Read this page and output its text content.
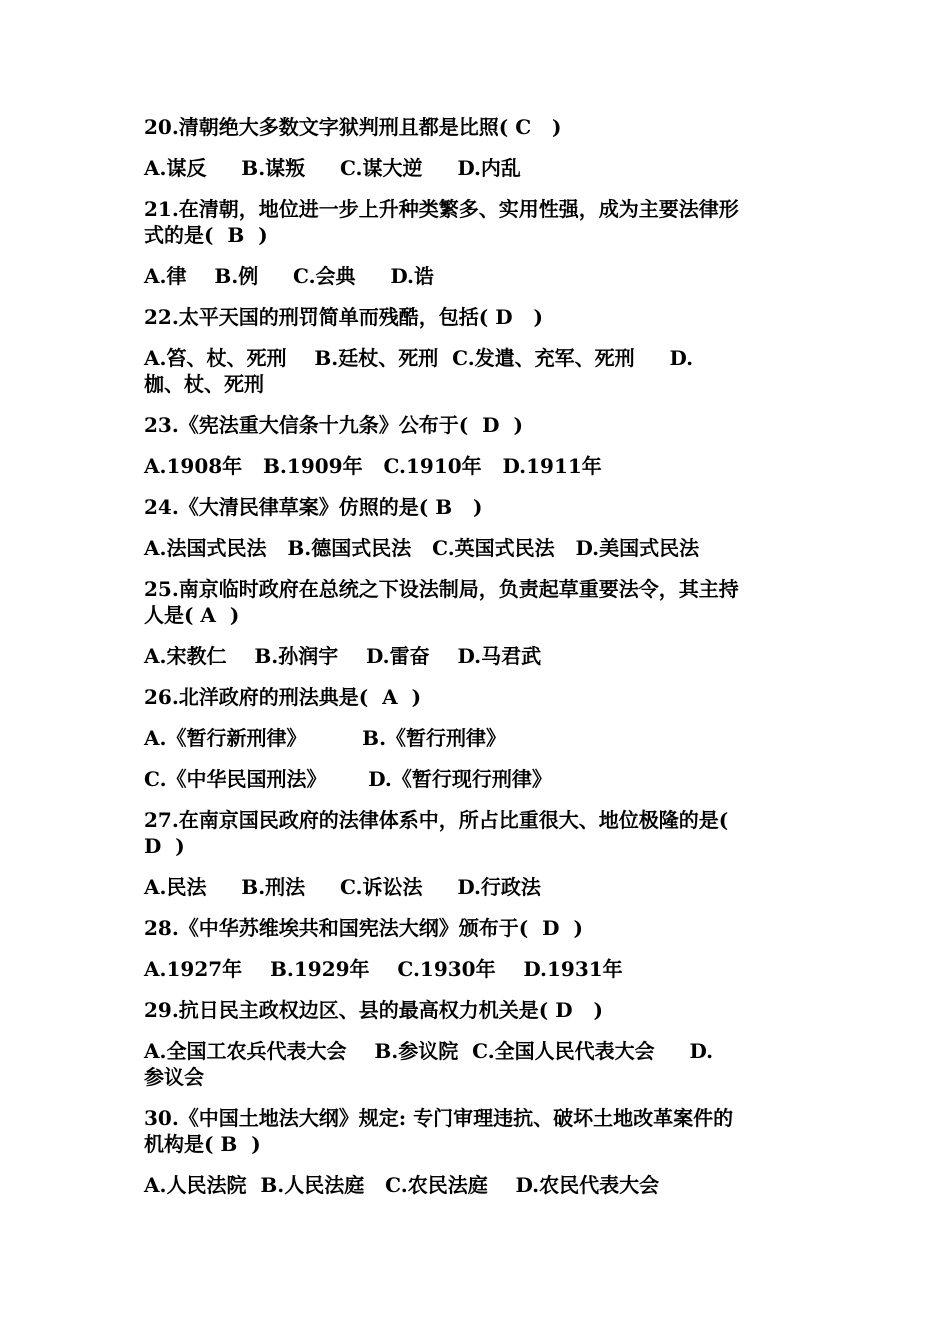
20.清朝绝大多数文字狱判刑且都是比照( C   )

A.谋反     B.谋叛     C.谋大逆     D.内乱

21.在清朝，地位进一步上升种类繁多、实用性强，成为主要法律形

式的是(  B  )

A.律    B.例     C.会典     D.诰

22.太平天国的刑罚简单而残酷，包括( D   )

A.笞、杖、死刑    B.廷杖、死刑  C.发遣、充军、死刑     D.

枷、杖、死刑

23.《宪法重大信条十九条》公布于(  D  )

A.1908年   B.1909年   C.1910年   D.1911年

24.《大清民律草案》仿照的是( B   )

A.法国式民法   B.德国式民法   C.英国式民法   D.美国式民法

25.南京临时政府在总统之下设法制局，负责起草重要法令，其主持

人是( A  )

A.宋教仁    B.孙润宇    D.雷奋    D.马君武

26.北洋政府的刑法典是(  A  )

A.《暂行新刑律》        B.《暂行刑律》

C.《中华民国刑法》      D.《暂行现行刑律》

27.在南京国民政府的法律体系中，所占比重很大、地位极隆的是(

D  )

A.民法     B.刑法     C.诉讼法     D.行政法

28.《中华苏维埃共和国宪法大纲》颁布于(  D  )

A.1927年    B.1929年    C.1930年    D.1931年

29.抗日民主政权边区、县的最高权力机关是( D   )

A.全国工农兵代表大会    B.参议院  C.全国人民代表大会     D.

参议会

30.《中国土地法大纲》规定: 专门审理违抗、破坏土地改革案件的

机构是( B  )

A.人民法院  B.人民法庭   C.农民法庭    D.农民代表大会
